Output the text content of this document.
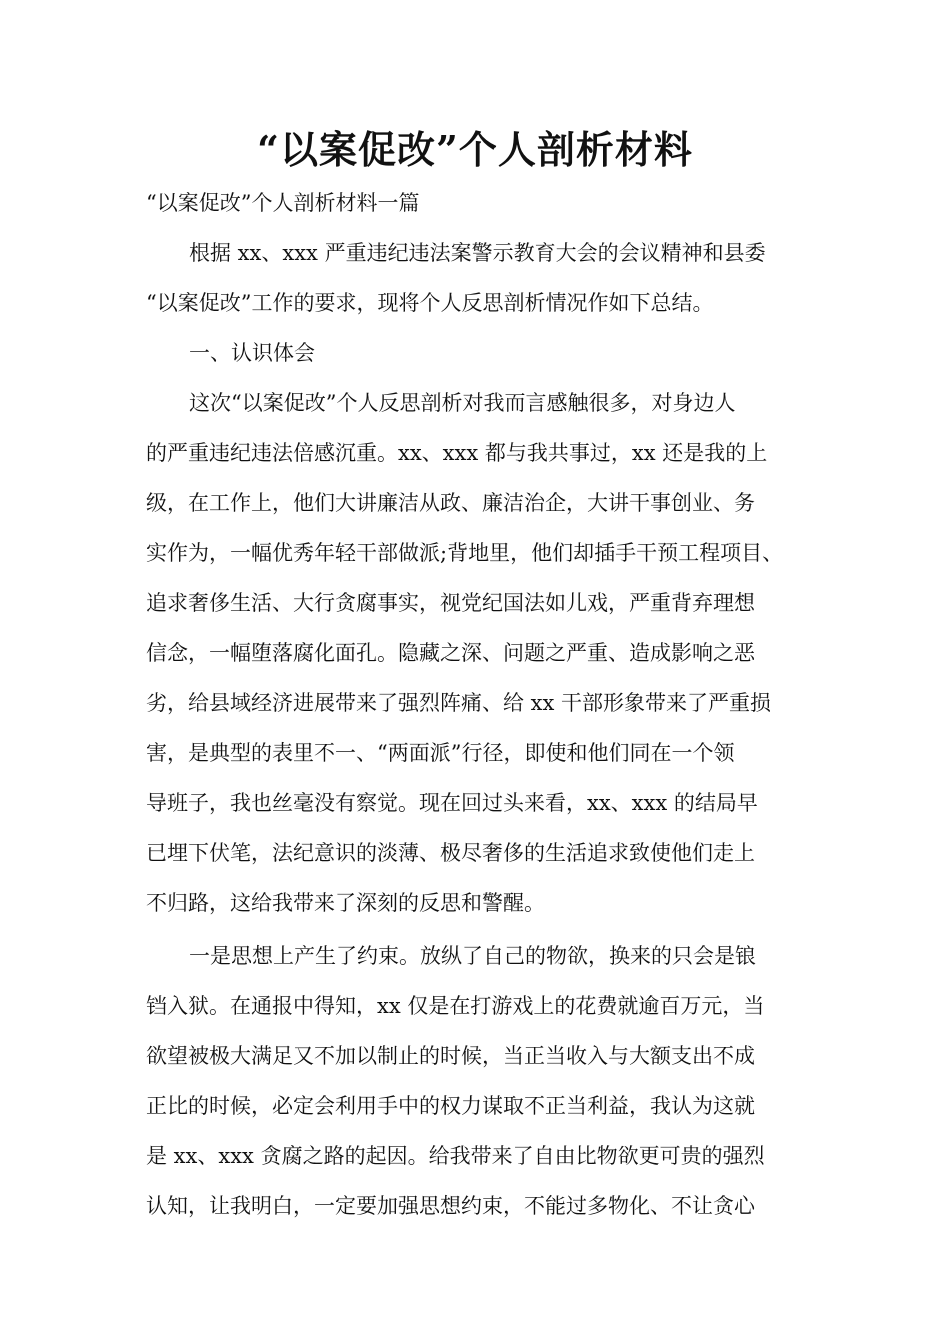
“以案促改”个人剖析材料
“以案促改”个人剖析材料一篇
根据 xx、xxx 严重违纪违法案警示教育大会的会议精神和县委
“以案促改”工作的要求，现将个人反思剖析情况作如下总结。
一、认识体会
这次“以案促改”个人反思剖析对我而言感触很多，对身边人
的严重违纪违法倍感沉重。xx、xxx 都与我共事过，xx 还是我的上
级，在工作上，他们大讲廉洁从政、廉洁治企，大讲干事创业、务
实作为，一幅优秀年轻干部做派;背地里，他们却插手干预工程项目、
追求奢侈生活、大行贪腐事实，视党纪国法如儿戏，严重背弃理想
信念，一幅堕落腐化面孔。隐藏之深、问题之严重、造成影响之恶
劣，给县域经济进展带来了强烈阵痛、给 xx 干部形象带来了严重损
害，是典型的表里不一、“两面派”行径，即使和他们同在一个领
导班子，我也丝毫没有察觉。现在回过头来看，xx、xxx 的结局早
已埋下伏笔，法纪意识的淡薄、极尽奢侈的生活追求致使他们走上
不归路，这给我带来了深刻的反思和警醒。
一是思想上产生了约束。放纵了自己的物欲，换来的只会是锒
铛入狱。在通报中得知，xx 仅是在打游戏上的花费就逾百万元，当
欲望被极大满足又不加以制止的时候，当正当收入与大额支出不成
正比的时候，必定会利用手中的权力谋取不正当利益，我认为这就
是 xx、xxx 贪腐之路的起因。给我带来了自由比物欲更可贵的强烈
认知，让我明白，一定要加强思想约束，不能过多物化、不让贪心
